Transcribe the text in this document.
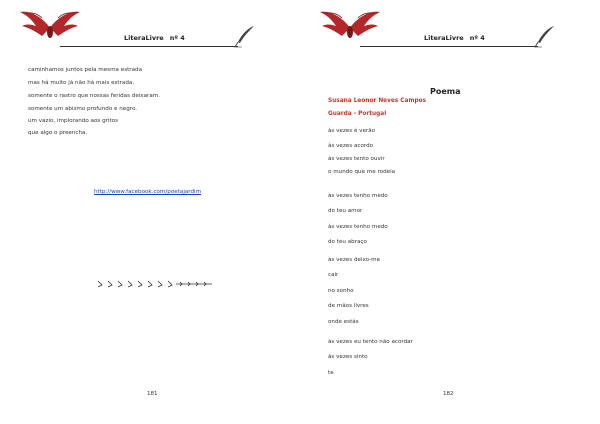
LiteraLivre nº 4
caminhamos juntos pela mesma estrada
mas há muito já não há mais estrada,
somente o rastro que nossas feridas deixaram.
somente um abismo profundo e negro.
um vazio, implorando aos gritos
que algo o preencha.
http://www.facebook.com/poetajardim
181
LiteraLivre nº 4
Poema
Susana Leonor Neves Campos
Guarda - Portugal
às vezes é verão
às vezes acordo
às vezes tento ouvir
o mundo que me rodeia
às vezes tenho medo
do teu amor
às vezes tenho medo
do teu abraço
às vezes deixo-me
cair
no sonho
de mãos livres
onde estás
às vezes eu tento não acordar
às vezes sinto
te
182
